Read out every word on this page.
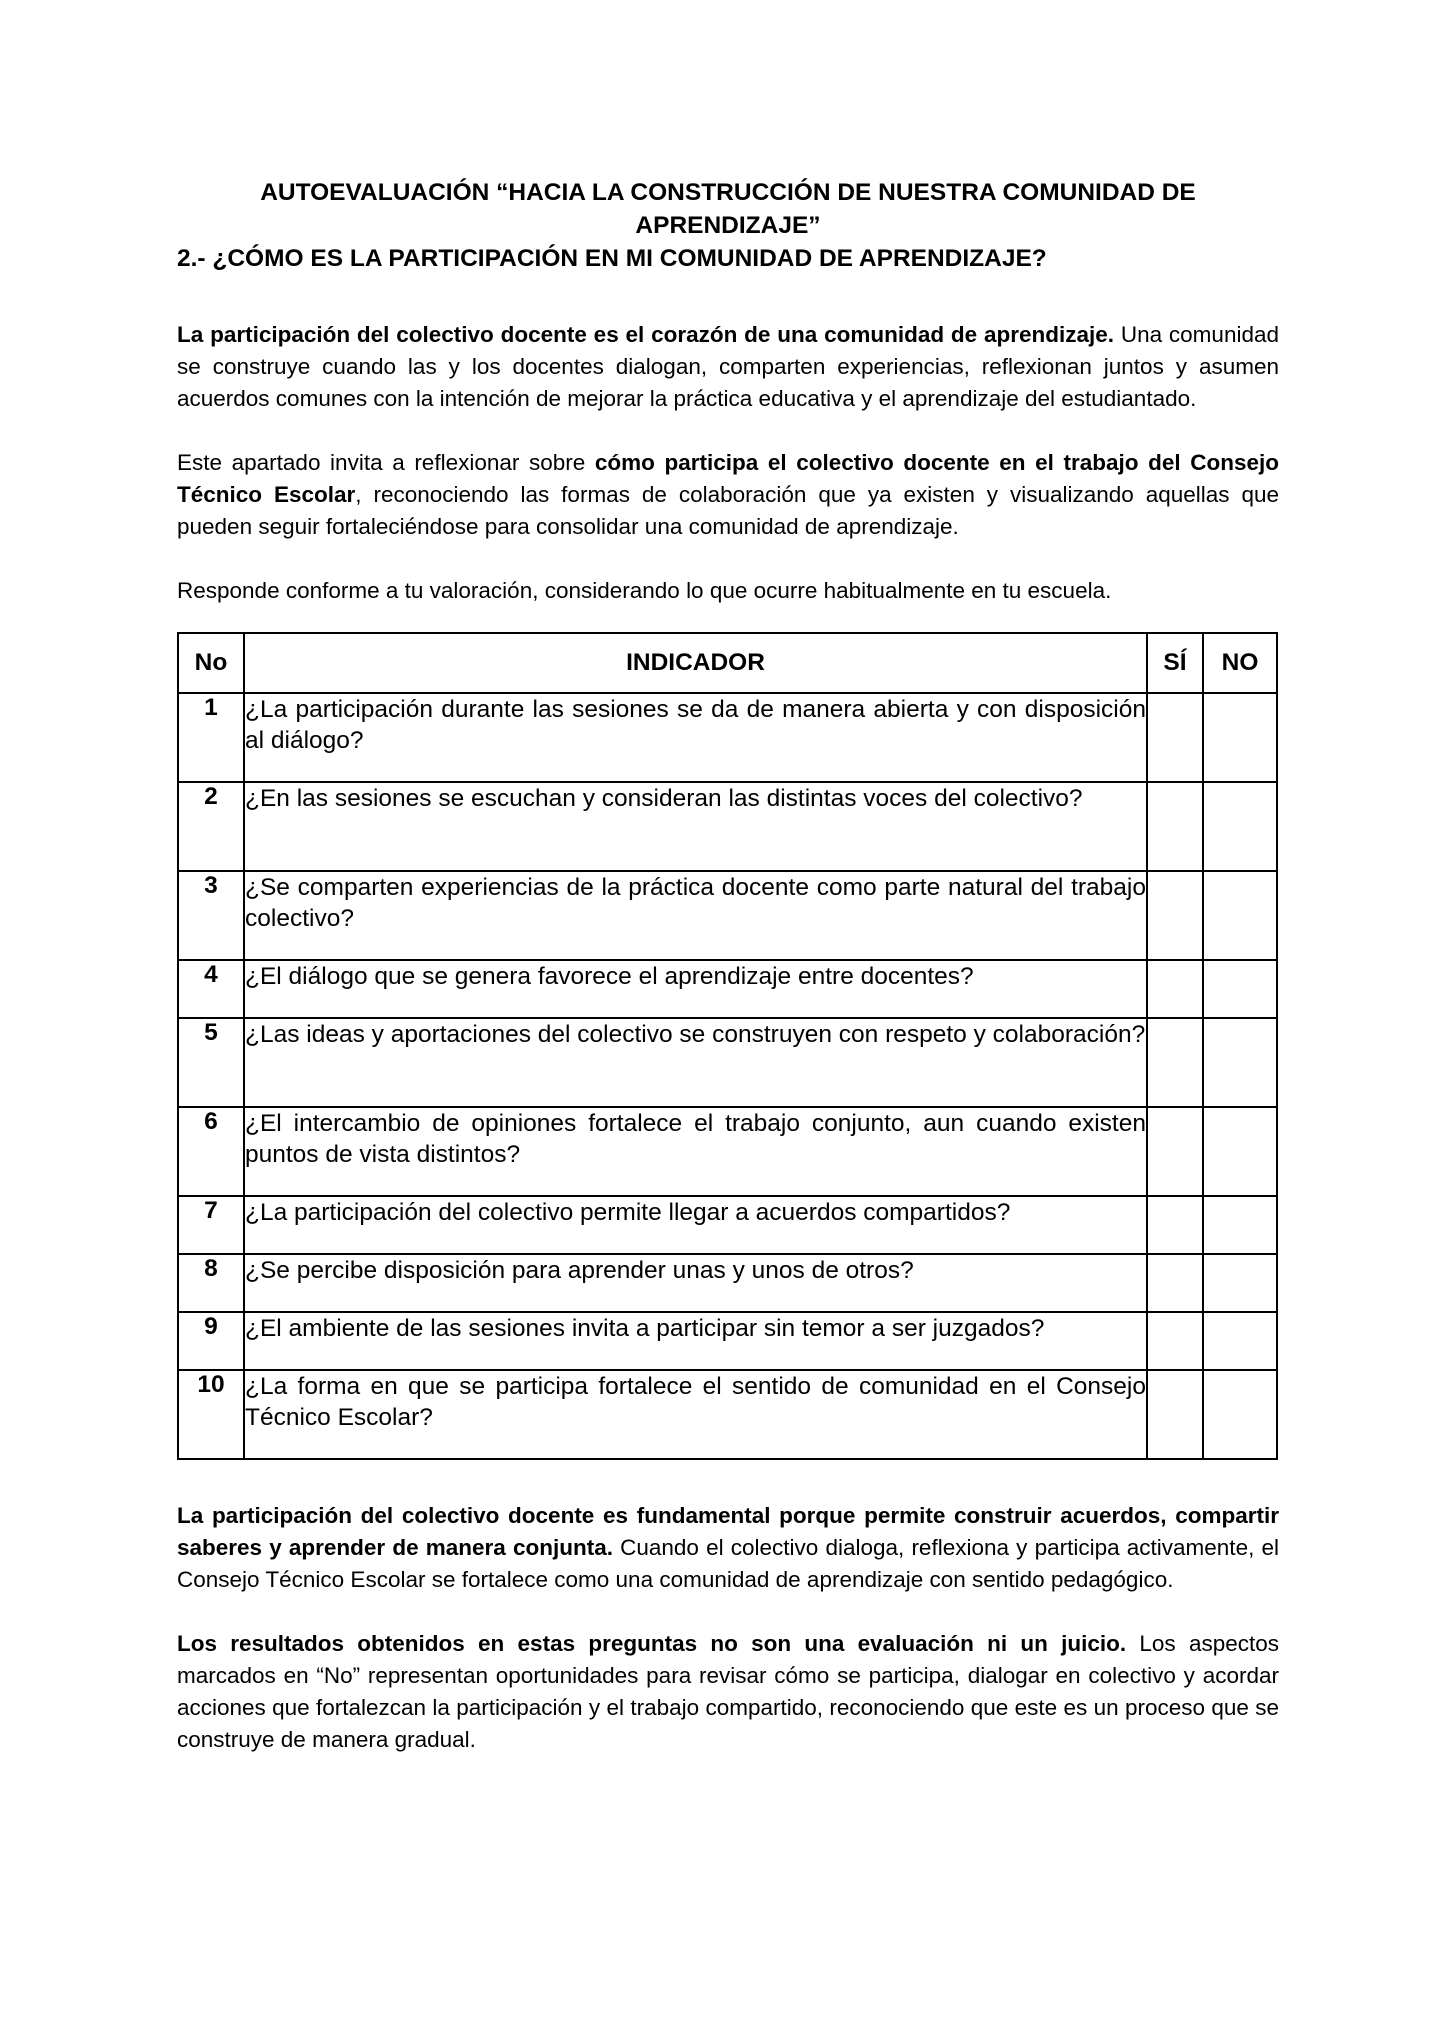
AUTOEVALUACIÓN “HACIA LA CONSTRUCCIÓN DE NUESTRA COMUNIDAD DE APRENDIZAJE”
2.- ¿CÓMO ES LA PARTICIPACIÓN EN MI COMUNIDAD DE APRENDIZAJE?

La participación del colectivo docente es el corazón de una comunidad de aprendizaje. Una comunidad se construye cuando las y los docentes dialogan, comparten experiencias, reflexionan juntos y asumen acuerdos comunes con la intención de mejorar la práctica educativa y el aprendizaje del estudiantado.

Este apartado invita a reflexionar sobre cómo participa el colectivo docente en el trabajo del Consejo Técnico Escolar, reconociendo las formas de colaboración que ya existen y visualizando aquellas que pueden seguir fortaleciéndose para consolidar una comunidad de aprendizaje.

Responde conforme a tu valoración, considerando lo que ocurre habitualmente en tu escuela.

No	INDICADOR	SÍ	NO
1	¿La participación durante las sesiones se da de manera abierta y con disposición al diálogo?		
2	¿En las sesiones se escuchan y consideran las distintas voces del colectivo?		
3	¿Se comparten experiencias de la práctica docente como parte natural del trabajo colectivo?		
4	¿El diálogo que se genera favorece el aprendizaje entre docentes?		
5	¿Las ideas y aportaciones del colectivo se construyen con respeto y colaboración?		
6	¿El intercambio de opiniones fortalece el trabajo conjunto, aun cuando existen puntos de vista distintos?		
7	¿La participación del colectivo permite llegar a acuerdos compartidos?		
8	¿Se percibe disposición para aprender unas y unos de otros?		
9	¿El ambiente de las sesiones invita a participar sin temor a ser juzgados?		
10	¿La forma en que se participa fortalece el sentido de comunidad en el Consejo Técnico Escolar?		

La participación del colectivo docente es fundamental porque permite construir acuerdos, compartir saberes y aprender de manera conjunta. Cuando el colectivo dialoga, reflexiona y participa activamente, el Consejo Técnico Escolar se fortalece como una comunidad de aprendizaje con sentido pedagógico.

Los resultados obtenidos en estas preguntas no son una evaluación ni un juicio. Los aspectos marcados en “No” representan oportunidades para revisar cómo se participa, dialogar en colectivo y acordar acciones que fortalezcan la participación y el trabajo compartido, reconociendo que este es un proceso que se construye de manera gradual.
